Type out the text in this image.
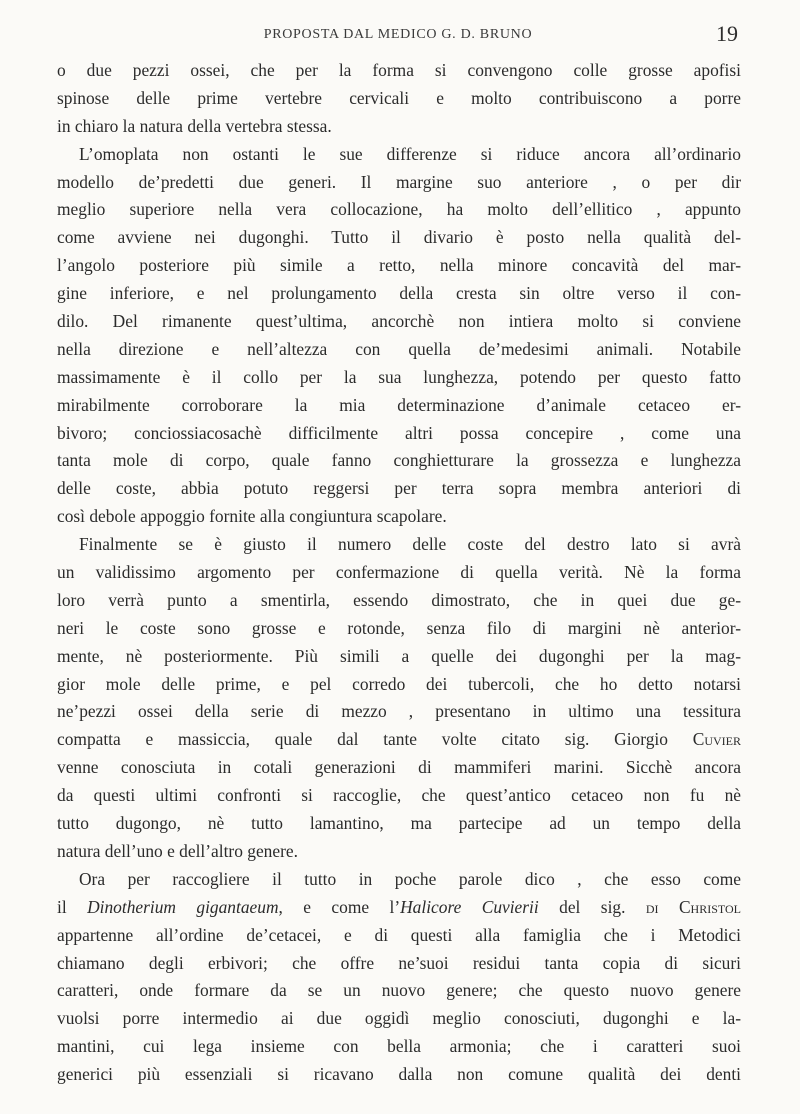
PROPOSTA DAL MEDICO G. D. BRUNO	19
o due pezzi ossei, che per la forma si convengono colle grosse apofisi
spinose delle prime vertebre cervicali e molto contribuiscono a porre
in chiaro la natura della vertebra stessa.
L’omoplata non ostanti le sue differenze si riduce ancora all’ordinario
modello de’predetti due generi. Il margine suo anteriore , o per dir
meglio superiore nella vera collocazione, ha molto dell’ellitico , appunto
come avviene nei dugonghi. Tutto il divario è posto nella qualità del-
l’angolo posteriore più simile a retto, nella minore concavità del mar-
gine inferiore, e nel prolungamento della cresta sin oltre verso il con-
dilo. Del rimanente quest’ultima, ancorchè non intiera molto si conviene
nella direzione e nell’altezza con quella de’medesimi animali. Notabile
massimamente è il collo per la sua lunghezza, potendo per questo fatto
mirabilmente corroborare la mia determinazione d’animale cetaceo er-
bivoro; conciossiacosachè difficilmente altri possa concepire , come una
tanta mole di corpo, quale fanno conghietturare la grossezza e lunghezza
delle coste, abbia potuto reggersi per terra sopra membra anteriori di
così debole appoggio fornite alla congiuntura scapolare.
Finalmente se è giusto il numero delle coste del destro lato si avrà
un validissimo argomento per confermazione di quella verità. Nè la forma
loro verrà punto a smentirla, essendo dimostrato, che in quei due ge-
neri le coste sono grosse e rotonde, senza filo di margini nè anterior-
mente, nè posteriormente. Più simili a quelle dei dugonghi per la mag-
gior mole delle prime, e pel corredo dei tubercoli, che ho detto notarsi
ne’pezzi ossei della serie di mezzo , presentano in ultimo una tessitura
compatta e massiccia, quale dal tante volte citato sig. Giorgio Cuvier
venne conosciuta in cotali generazioni di mammiferi marini. Sicchè ancora
da questi ultimi confronti si raccoglie, che quest’antico cetaceo non fu nè
tutto dugongo, nè tutto lamantino, ma partecipe ad un tempo della
natura dell’uno e dell’altro genere.
Ora per raccogliere il tutto in poche parole dico , che esso come
il Dinotherium gigantaeum, e come l’Halicore Cuvierii del sig. di Christol
appartenne all’ordine de’cetacei, e di questi alla famiglia che i Metodici
chiamano degli erbivori; che offre ne’suoi residui tanta copia di sicuri
caratteri, onde formare da se un nuovo genere; che questo nuovo genere
vuolsi porre intermedio ai due oggidì meglio conosciuti, dugonghi e la-
mantini, cui lega insieme con bella armonia; che i caratteri suoi
generici più essenziali si ricavano dalla non comune qualità dei denti
